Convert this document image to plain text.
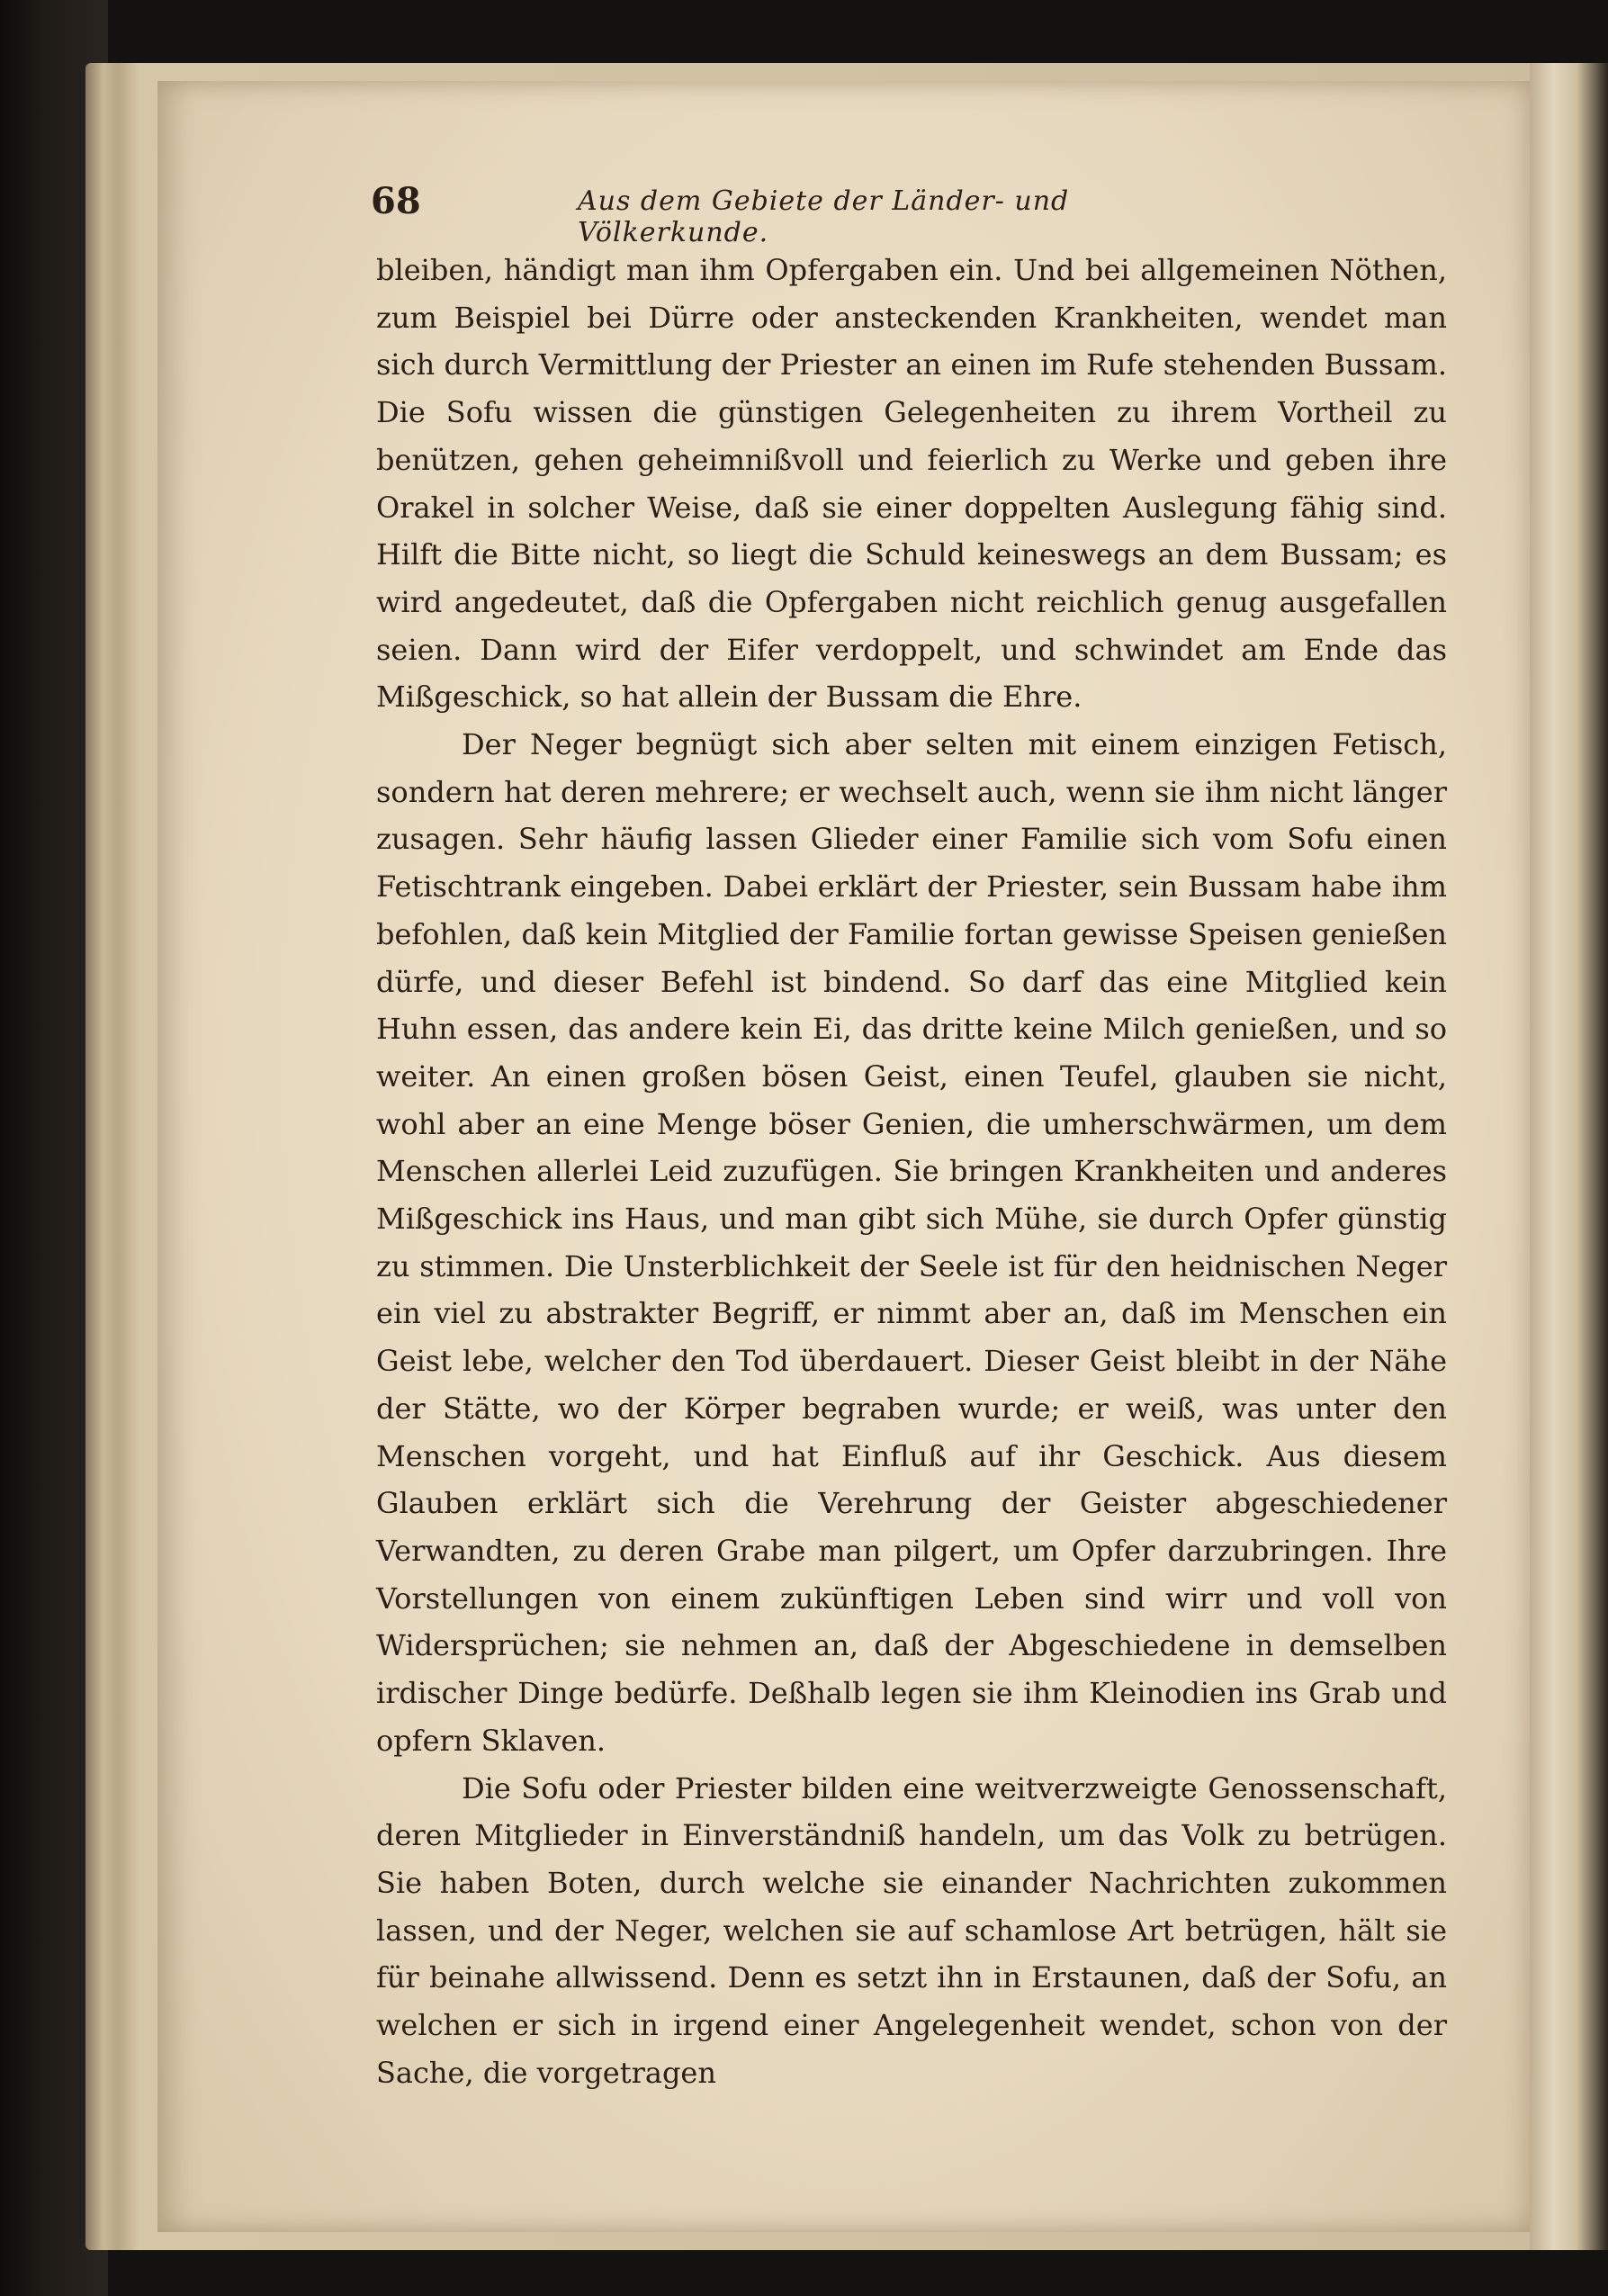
68	Aus dem Gebiete der Länder- und Völkerkunde.

bleiben, händigt man ihm Opfergaben ein. Und bei allgemeinen Nöthen, zum Beispiel bei Dürre oder ansteckenden Krankheiten, wendet man sich durch Vermittlung der Priester an einen im Rufe stehenden Bussam. Die Sofu wissen die günstigen Gelegenheiten zu ihrem Vortheil zu benützen, gehen geheimnißvoll und feierlich zu Werke und geben ihre Orakel in solcher Weise, daß sie einer doppelten Auslegung fähig sind. Hilft die Bitte nicht, so liegt die Schuld keineswegs an dem Bussam; es wird angedeutet, daß die Opfergaben nicht reichlich genug ausgefallen seien. Dann wird der Eifer verdoppelt, und schwindet am Ende das Mißgeschick, so hat allein der Bussam die Ehre.

Der Neger begnügt sich aber selten mit einem einzigen Fetisch, sondern hat deren mehrere; er wechselt auch, wenn sie ihm nicht länger zusagen. Sehr häufig lassen Glieder einer Familie sich vom Sofu einen Fetischtrank eingeben. Dabei erklärt der Priester, sein Bussam habe ihm befohlen, daß kein Mitglied der Familie fortan gewisse Speisen genießen dürfe, und dieser Befehl ist bindend. So darf das eine Mitglied kein Huhn essen, das andere kein Ei, das dritte keine Milch genießen, und so weiter. An einen großen bösen Geist, einen Teufel, glauben sie nicht, wohl aber an eine Menge böser Genien, die umherschwärmen, um dem Menschen allerlei Leid zuzufügen. Sie bringen Krankheiten und anderes Mißgeschick ins Haus, und man gibt sich Mühe, sie durch Opfer günstig zu stimmen. Die Unsterblichkeit der Seele ist für den heidnischen Neger ein viel zu abstrakter Begriff, er nimmt aber an, daß im Menschen ein Geist lebe, welcher den Tod überdauert. Dieser Geist bleibt in der Nähe der Stätte, wo der Körper begraben wurde; er weiß, was unter den Menschen vorgeht, und hat Einfluß auf ihr Geschick. Aus diesem Glauben erklärt sich die Verehrung der Geister abgeschiedener Verwandten, zu deren Grabe man pilgert, um Opfer darzubringen. Ihre Vorstellungen von einem zukünftigen Leben sind wirr und voll von Widersprüchen; sie nehmen an, daß der Abgeschiedene in demselben irdischer Dinge bedürfe. Deßhalb legen sie ihm Kleinodien ins Grab und opfern Sklaven.

Die Sofu oder Priester bilden eine weitverzweigte Genossenschaft, deren Mitglieder in Einverständniß handeln, um das Volk zu betrügen. Sie haben Boten, durch welche sie einander Nachrichten zukommen lassen, und der Neger, welchen sie auf schamlose Art betrügen, hält sie für beinahe allwissend. Denn es setzt ihn in Erstaunen, daß der Sofu, an welchen er sich in irgend einer Angelegenheit wendet, schon von der Sache, die vorgetragen
